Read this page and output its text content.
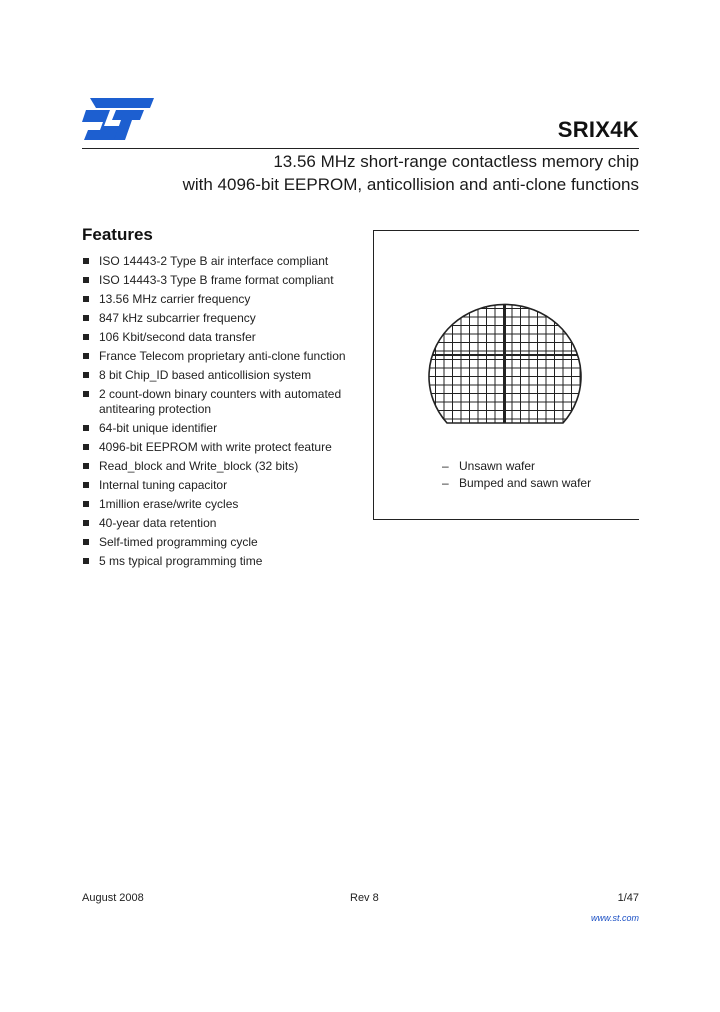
SRIX4K
13.56 MHz short-range contactless memory chip
with 4096-bit EEPROM, anticollision and anti-clone functions
Features
ISO 14443-2 Type B air interface compliant
ISO 14443-3 Type B frame format compliant
13.56 MHz carrier frequency
847 kHz subcarrier frequency
106 Kbit/second data transfer
France Telecom proprietary anti-clone function
8 bit Chip_ID based anticollision system
2 count-down binary counters with automated antitearing protection
64-bit unique identifier
4096-bit EEPROM with write protect feature
Read_block and Write_block (32 bits)
Internal tuning capacitor
1million erase/write cycles
40-year data retention
Self-timed programming cycle
5 ms typical programming time
– Unsawn wafer
– Bumped and sawn wafer
August 2008	Rev 8	1/47
www.st.com
